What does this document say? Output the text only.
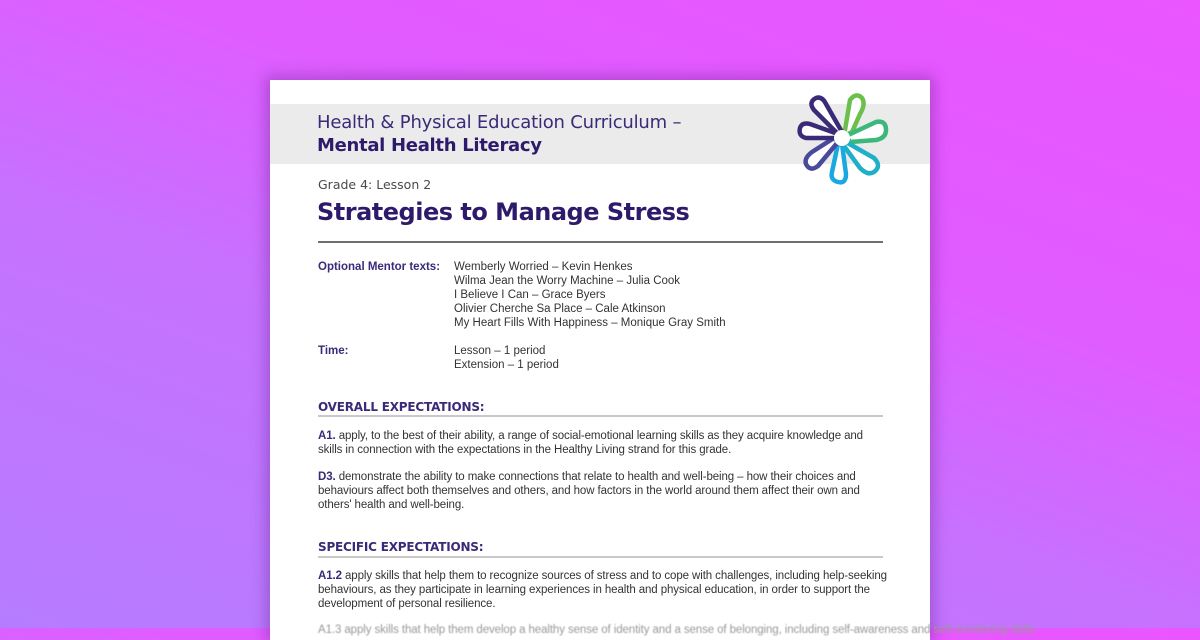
Health & Physical Education Curriculum –
Mental Health Literacy
Grade 4: Lesson 2
Strategies to Manage Stress
Optional Mentor texts: Wemberly Worried – Kevin Henkes
Wilma Jean the Worry Machine – Julia Cook
I Believe I Can – Grace Byers
Olivier Cherche Sa Place – Cale Atkinson
My Heart Fills With Happiness – Monique Gray Smith
Time:	Lesson – 1 period
Extension – 1 period
OVERALL EXPECTATIONS:
A1. apply, to the best of their ability, a range of social-emotional learning skills as they acquire knowledge and skills in connection with the expectations in the Healthy Living strand for this grade.
D3. demonstrate the ability to make connections that relate to health and well-being – how their choices and behaviours affect both themselves and others, and how factors in the world around them affect their own and others' health and well-being.
SPECIFIC EXPECTATIONS:
A1.2 apply skills that help them to recognize sources of stress and to cope with challenges, including help-seeking behaviours, as they participate in learning experiences in health and physical education, in order to support the development of personal resilience.
A1.3 apply skills that help them develop a healthy sense of identity and a sense of belonging, including self-awareness and self-monitoring skills
